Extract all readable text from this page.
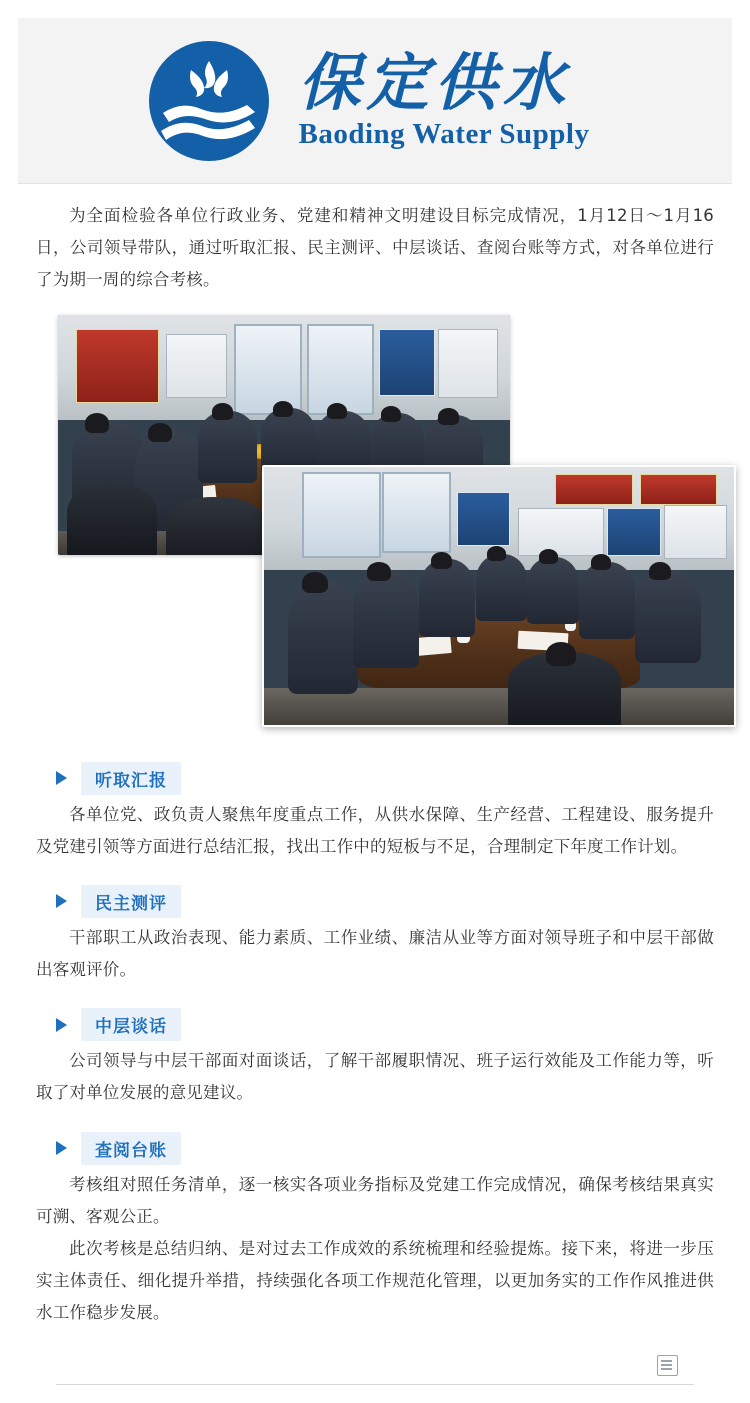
保定供水
Baoding Water Supply

为全面检验各单位行政业务、党建和精神文明建设目标完成情况，1月12日～1月16日，公司领导带队，通过听取汇报、民主测评、中层谈话、查阅台账等方式，对各单位进行了为期一周的综合考核。

听取汇报

各单位党、政负责人聚焦年度重点工作，从供水保障、生产经营、工程建设、服务提升及党建引领等方面进行总结汇报，找出工作中的短板与不足，合理制定下年度工作计划。

民主测评

干部职工从政治表现、能力素质、工作业绩、廉洁从业等方面对领导班子和中层干部做出客观评价。

中层谈话

公司领导与中层干部面对面谈话，了解干部履职情况、班子运行效能及工作能力等，听取了对单位发展的意见建议。

查阅台账

考核组对照任务清单，逐一核实各项业务指标及党建工作完成情况，确保考核结果真实可溯、客观公正。

此次考核是总结归纳、是对过去工作成效的系统梳理和经验提炼。接下来，将进一步压实主体责任、细化提升举措，持续强化各项工作规范化管理，以更加务实的工作作风推进供水工作稳步发展。
